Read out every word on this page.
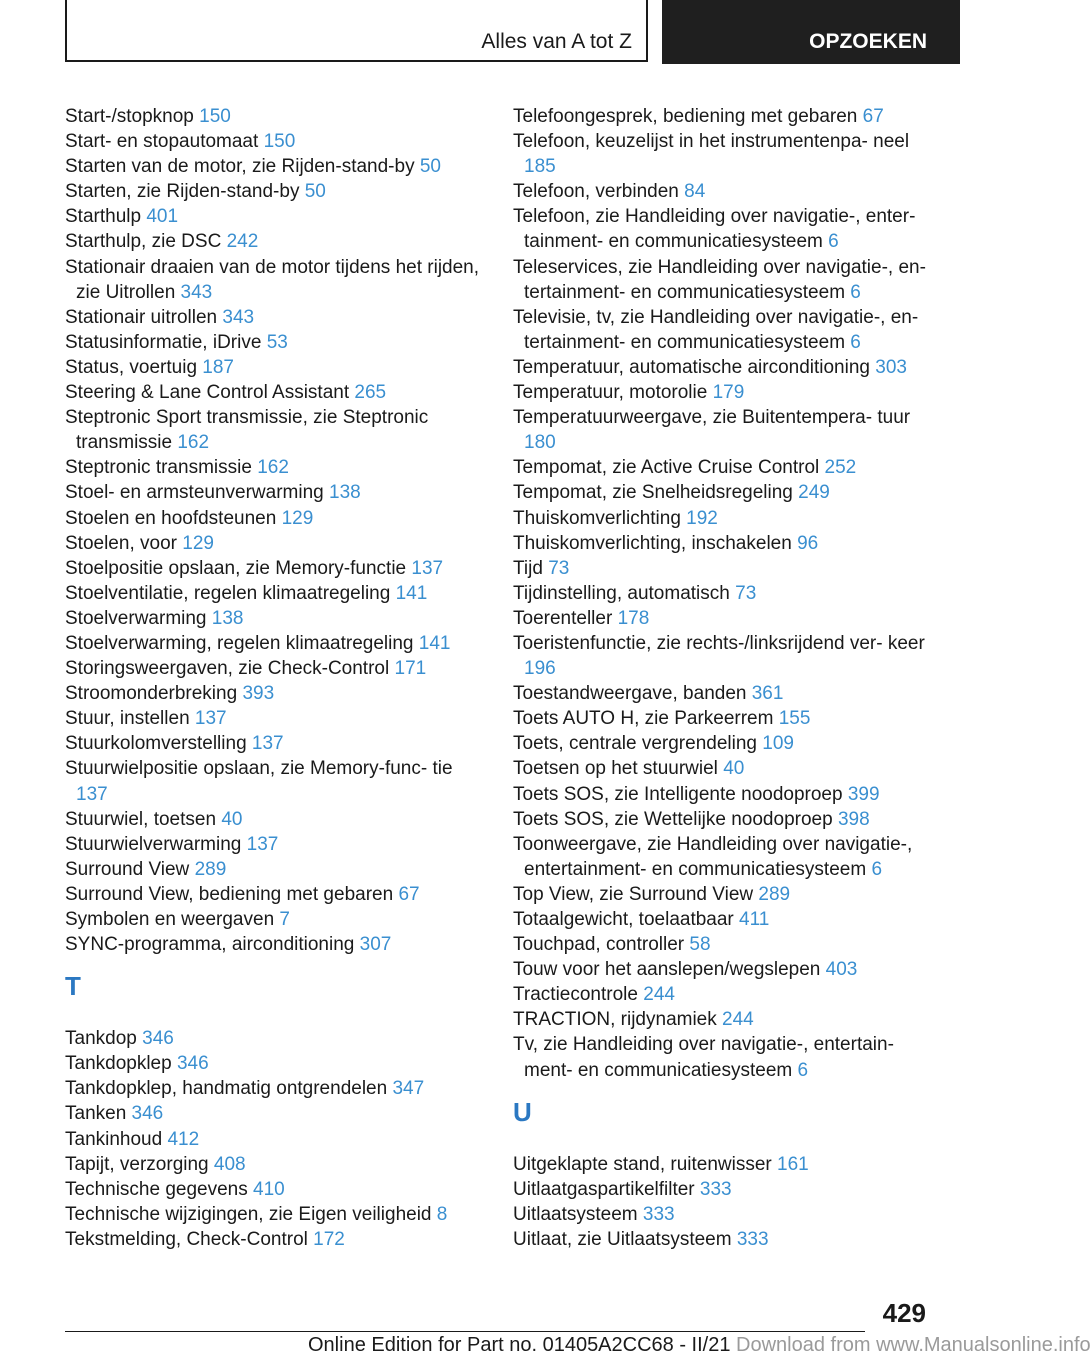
Alles van A tot Z	OPZOEKEN
Start-/stopknop 150
Start- en stopautomaat 150
Starten van de motor, zie Rijden-stand-by 50
Starten, zie Rijden-stand-by 50
Starthulp 401
Starthulp, zie DSC 242
Stationair draaien van de motor tijdens het rijden, zie Uitrollen 343
Stationair uitrollen 343
Statusinformatie, iDrive 53
Status, voertuig 187
Steering & Lane Control Assistant 265
Steptronic Sport transmissie, zie Steptronic transmissie 162
Steptronic transmissie 162
Stoel- en armsteunverwarming 138
Stoelen en hoofdsteunen 129
Stoelen, voor 129
Stoelpositie opslaan, zie Memory-functie 137
Stoelventilatie, regelen klimaatregeling 141
Stoelverwarming 138
Stoelverwarming, regelen klimaatregeling 141
Storingsweergaven, zie Check-Control 171
Stroomonderbreking 393
Stuur, instellen 137
Stuurkolomverstelling 137
Stuurwielpositie opslaan, zie Memory-func‐ tie 137
Stuurwiel, toetsen 40
Stuurwielverwarming 137
Surround View 289
Surround View, bediening met gebaren 67
Symbolen en weergaven 7
SYNC-programma, airconditioning 307
T
Tankdop 346
Tankdopklep 346
Tankdopklep, handmatig ontgrendelen 347
Tanken 346
Tankinhoud 412
Tapijt, verzorging 408
Technische gegevens 410
Technische wijzigingen, zie Eigen veiligheid 8
Tekstmelding, Check-Control 172
Telefoongesprek, bediening met gebaren 67
Telefoon, keuzelijst in het instrumentenpa‐ neel 185
Telefoon, verbinden 84
Telefoon, zie Handleiding over navigatie-, enter‐ tainment- en communicatiesysteem 6
Teleservices, zie Handleiding over navigatie-, en‐ tertainment- en communicatiesysteem 6
Televisie, tv, zie Handleiding over navigatie-, en‐ tertainment- en communicatiesysteem 6
Temperatuur, automatische airconditioning 303
Temperatuur, motorolie 179
Temperatuurweergave, zie Buitentempera‐ tuur 180
Tempomat, zie Active Cruise Control 252
Tempomat, zie Snelheidsregeling 249
Thuiskomverlichting 192
Thuiskomverlichting, inschakelen 96
Tijd 73
Tijdinstelling, automatisch 73
Toerenteller 178
Toeristenfunctie, zie rechts-/linksrijdend ver‐ keer 196
Toestandweergave, banden 361
Toets AUTO H, zie Parkeerrem 155
Toets, centrale vergrendeling 109
Toetsen op het stuurwiel 40
Toets SOS, zie Intelligente noodoproep 399
Toets SOS, zie Wettelijke noodoproep 398
Toonweergave, zie Handleiding over navigatie-, entertainment- en communicatiesysteem 6
Top View, zie Surround View 289
Totaalgewicht, toelaatbaar 411
Touchpad, controller 58
Touw voor het aanslepen/wegslepen 403
Tractiecontrole 244
TRACTION, rijdynamiek 244
Tv, zie Handleiding over navigatie-, entertain‐ ment- en communicatiesysteem 6
U
Uitgeklapte stand, ruitenwisser 161
Uitlaatgaspartikelfilter 333
Uitlaatsysteem 333
Uitlaat, zie Uitlaatsysteem 333
429
Online Edition for Part no. 01405A2CC68 - II/21 Download from www.Manualsonline.info
